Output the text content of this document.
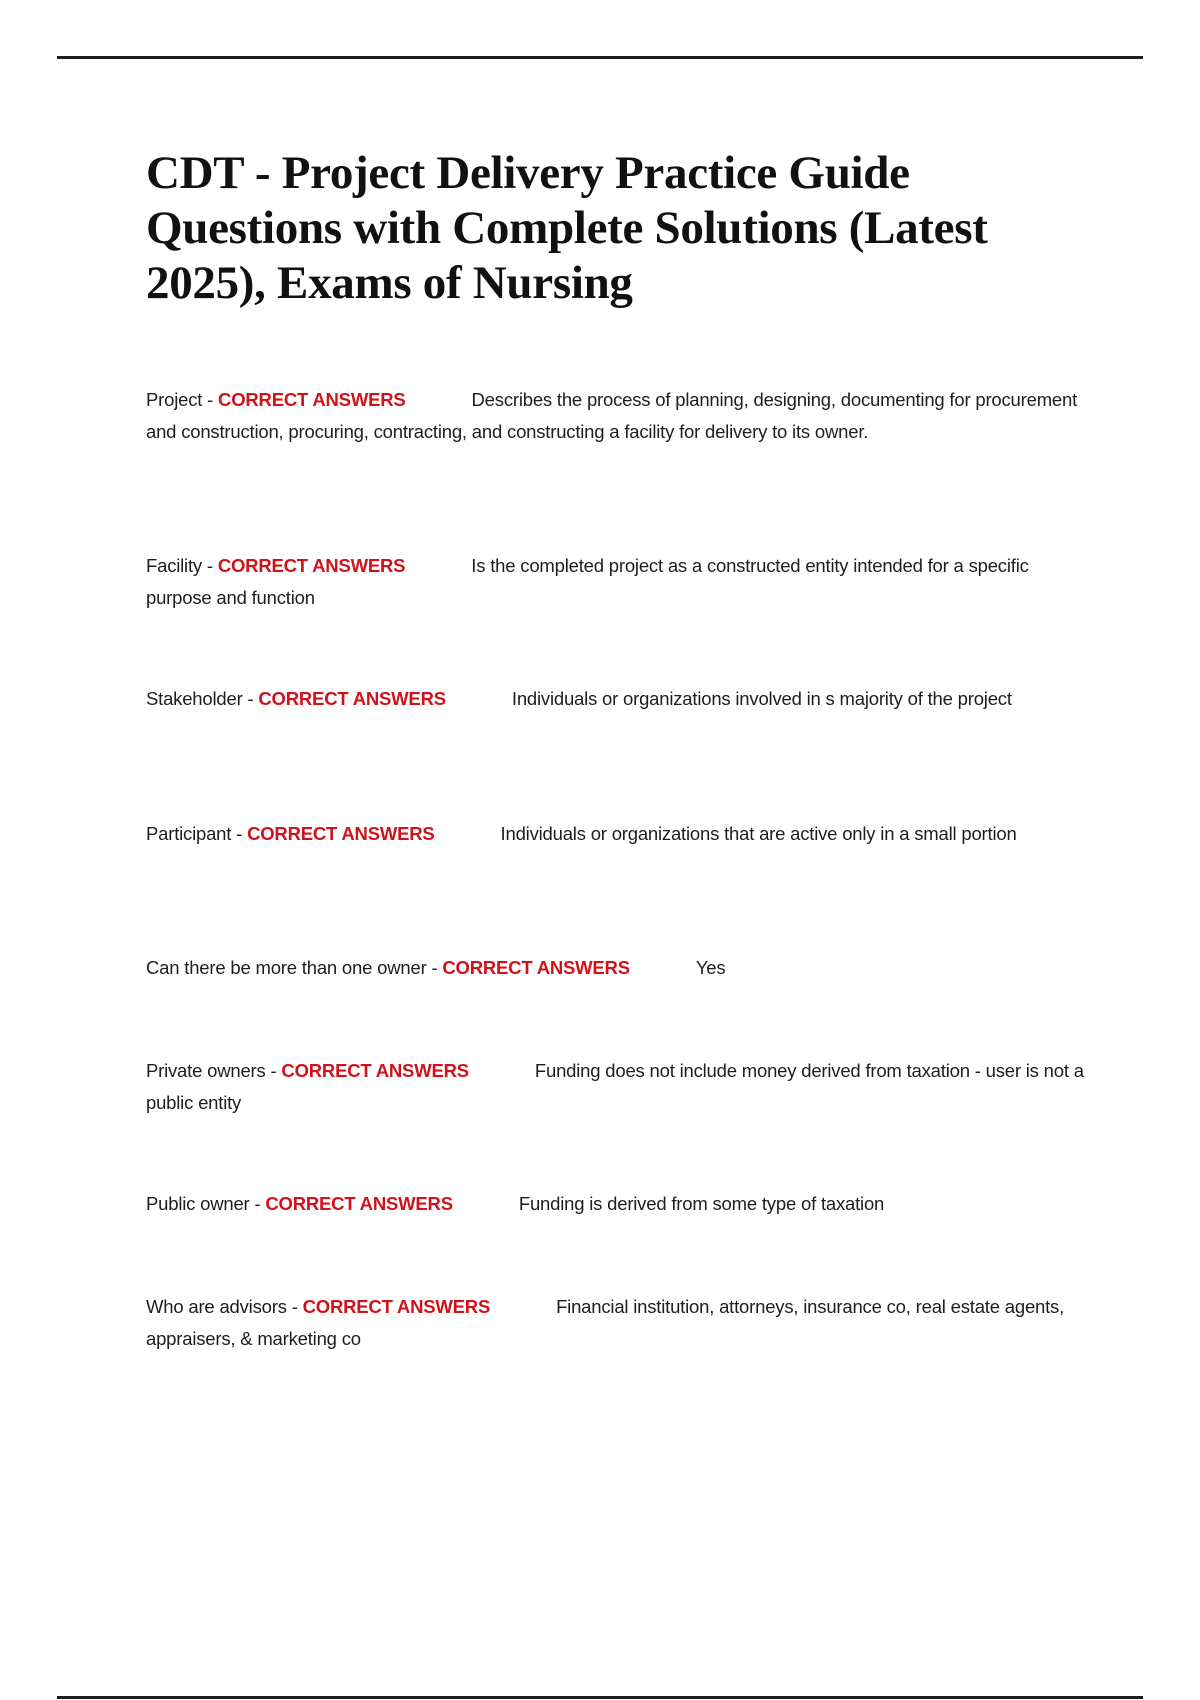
CDT - Project Delivery Practice Guide Questions with Complete Solutions (Latest 2025), Exams of Nursing
Project - CORRECT ANSWERS	Describes the process of planning, designing, documenting for procurement and construction, procuring, contracting, and constructing a facility for delivery to its owner.
Facility - CORRECT ANSWERS	Is the completed project as a constructed entity intended for a specific purpose and function
Stakeholder - CORRECT ANSWERS	Individuals or organizations involved in s majority of the project
Participant - CORRECT ANSWERS	Individuals or organizations that are active only in a small portion
Can there be more than one owner - CORRECT ANSWERS	Yes
Private owners - CORRECT ANSWERS	Funding does not include money derived from taxation - user is not a public entity
Public owner - CORRECT ANSWERS	Funding is derived from some type of taxation
Who are advisors - CORRECT ANSWERS	Financial institution, attorneys, insurance co, real estate agents, appraisers, & marketing co
